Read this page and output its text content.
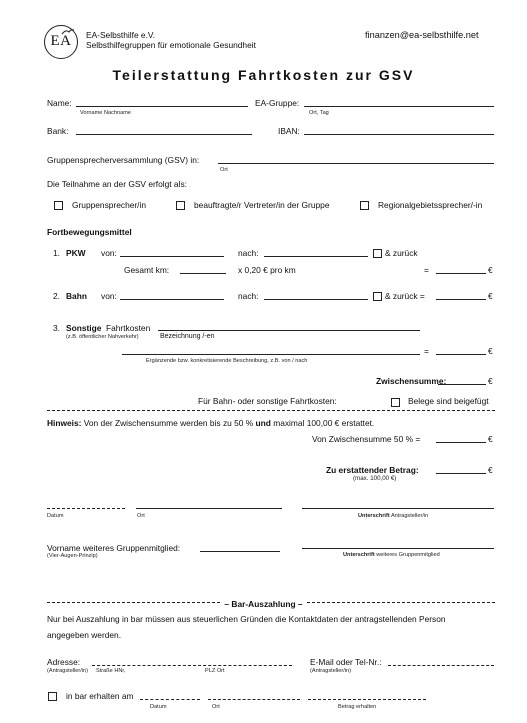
EA	EA-Selbsthilfe e.V.
Selbsthilfegruppen für emotionale Gesundheit
finanzen@ea-selbsthilfe.net
Teilerstattung Fahrtkosten zur GSV
Name:
Vorname Nachname
EA-Gruppe:
Ort, Tag
Bank:	IBAN:
Gruppensprecherversammlung (GSV) in:
Ort
Die Teilnahme an der GSV erfolgt als:
Gruppensprecher/in	beauftragte/r Vertreter/in der Gruppe	Regionalgebietssprecher/-in
Fortbewegungsmittel
1. PKW von:	nach:	& zurück
Gesamt km:	x 0,20 € pro km	=	€
2. Bahn von:	nach:	& zurück =	€
3. Sonstige Fahrtkosten
(z.B. öffentlicher Nahverkehr)	Bezeichnung /-en
Ergänzende bzw. konkretisierende Beschreibung, z.B. von / nach
=	€
Zwischensumme:	€
Für Bahn- oder sonstige Fahrtkosten:	Belege sind beigefügt
Hinweis: Von der Zwischensumme werden bis zu 50 % und maximal 100,00 € erstattet.
Von Zwischensumme 50 % =	€
Zu erstattender Betrag:	€
(max. 100,00 €)
Datum	Ort	Unterschrift Antragsteller/in
Vorname weiteres Gruppenmitglied:
(Vier-Augen-Prinzip)	Unterschrift weiteres Gruppenmitglied
– Bar-Auszahlung –
Nur bei Auszahlung in bar müssen aus steuerlichen Gründen die Kontaktdaten der antragstellenden Person
angegeben werden.
Adresse:
(Antragsteller/in) Straße HNr,	PLZ Ort
E-Mail oder Tel-Nr.:
(Antragsteller/in)
in bar erhalten am
Datum	Ort	Betrag erhalten
